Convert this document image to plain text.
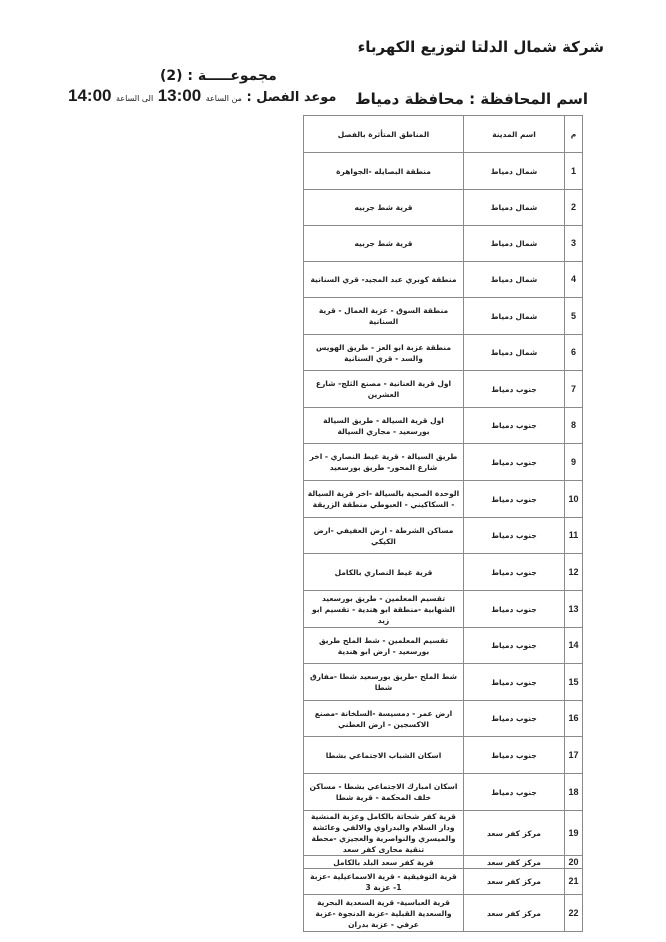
شركة شمال الدلتا لتوزيع الكهرباء
مجموعـــــة : (2)
موعد الفصل : من الساعة 13:00 الى الساعة 14:00	اسم المحافظة : محافظة دمياط
م	اسم المدينة	المناطق المتأثرة بالفصل
1	شمال دمياط	منطقة البصايله -الجواهرة
2	شمال دمياط	قرية شط جربيه
3	شمال دمياط	قرية شط جربيه
4	شمال دمياط	منطقة كوبري عبد المجيد- قري السنانية
5	شمال دمياط	منطقة السوق - عزبة العمال - قرية السنانية
6	شمال دمياط	منطقة عزبة ابو العز - طريق الهويس والسد - قري السنانية
7	جنوب دمياط	اول قرية العنانية - مصنع الثلج- شارع العشرين
8	جنوب دمياط	اول قرية السيالة - طريق السيالة بورسعيد - مجاري السيالة
9	جنوب دمياط	طريق السيالة - قرية غيط النصاري - اخر شارع المحور- طريق بورسعيد
10	جنوب دمياط	الوحدة الصحية بالسيالة -اخر قرية السيالة - السكاكيني - العبوطي منطقة الزريقة
11	جنوب دمياط	مساكن الشرطة - ارض العفيفي -ارض الكيكي
12	جنوب دمياط	قرية غيط النصاري بالكامل
13	جنوب دمياط	تقسيم المعلمين - طريق بورسعيد الشهابية -منطقة ابو هندية - تقسيم ابو زيد
14	جنوب دمياط	تقسيم المعلمين - شط الملح طريق بورسعيد - ارض ابو هندية
15	جنوب دمياط	شط الملح -طريق بورسعيد شطا -مفارق شطا
16	جنوب دمياط	ارض عمر - دمسيسة -السلخانة -مصنع الاكسجين - ارض العطني
17	جنوب دمياط	اسكان الشباب الاجتماعي بشطا
18	جنوب دمياط	اسكان امبارك الاجتماعي بشطا - مساكن خلف المحكمة - قرية شطا
19	مركز كفر سعد	قرية كفر شحاتة بالكامل وعزبة المنشية ودار السلام والبدراوي والالفي وعائشة والميسري والنواصرية والعجيزي -محطة تنقية محارى كفر سعد
20	مركز كفر سعد	قرية كفر سعد البلد بالكامل
21	مركز كفر سعد	قرية التوفيقية - قرية الاسماعيلية -عزبة 1- عزبة 3
22	مركز كفر سعد	قرية العباسية- قرية السعدية البحرية والسعدية القبلية -عزبة الدنجوة -عزبة عرفي - عزبة بدران
